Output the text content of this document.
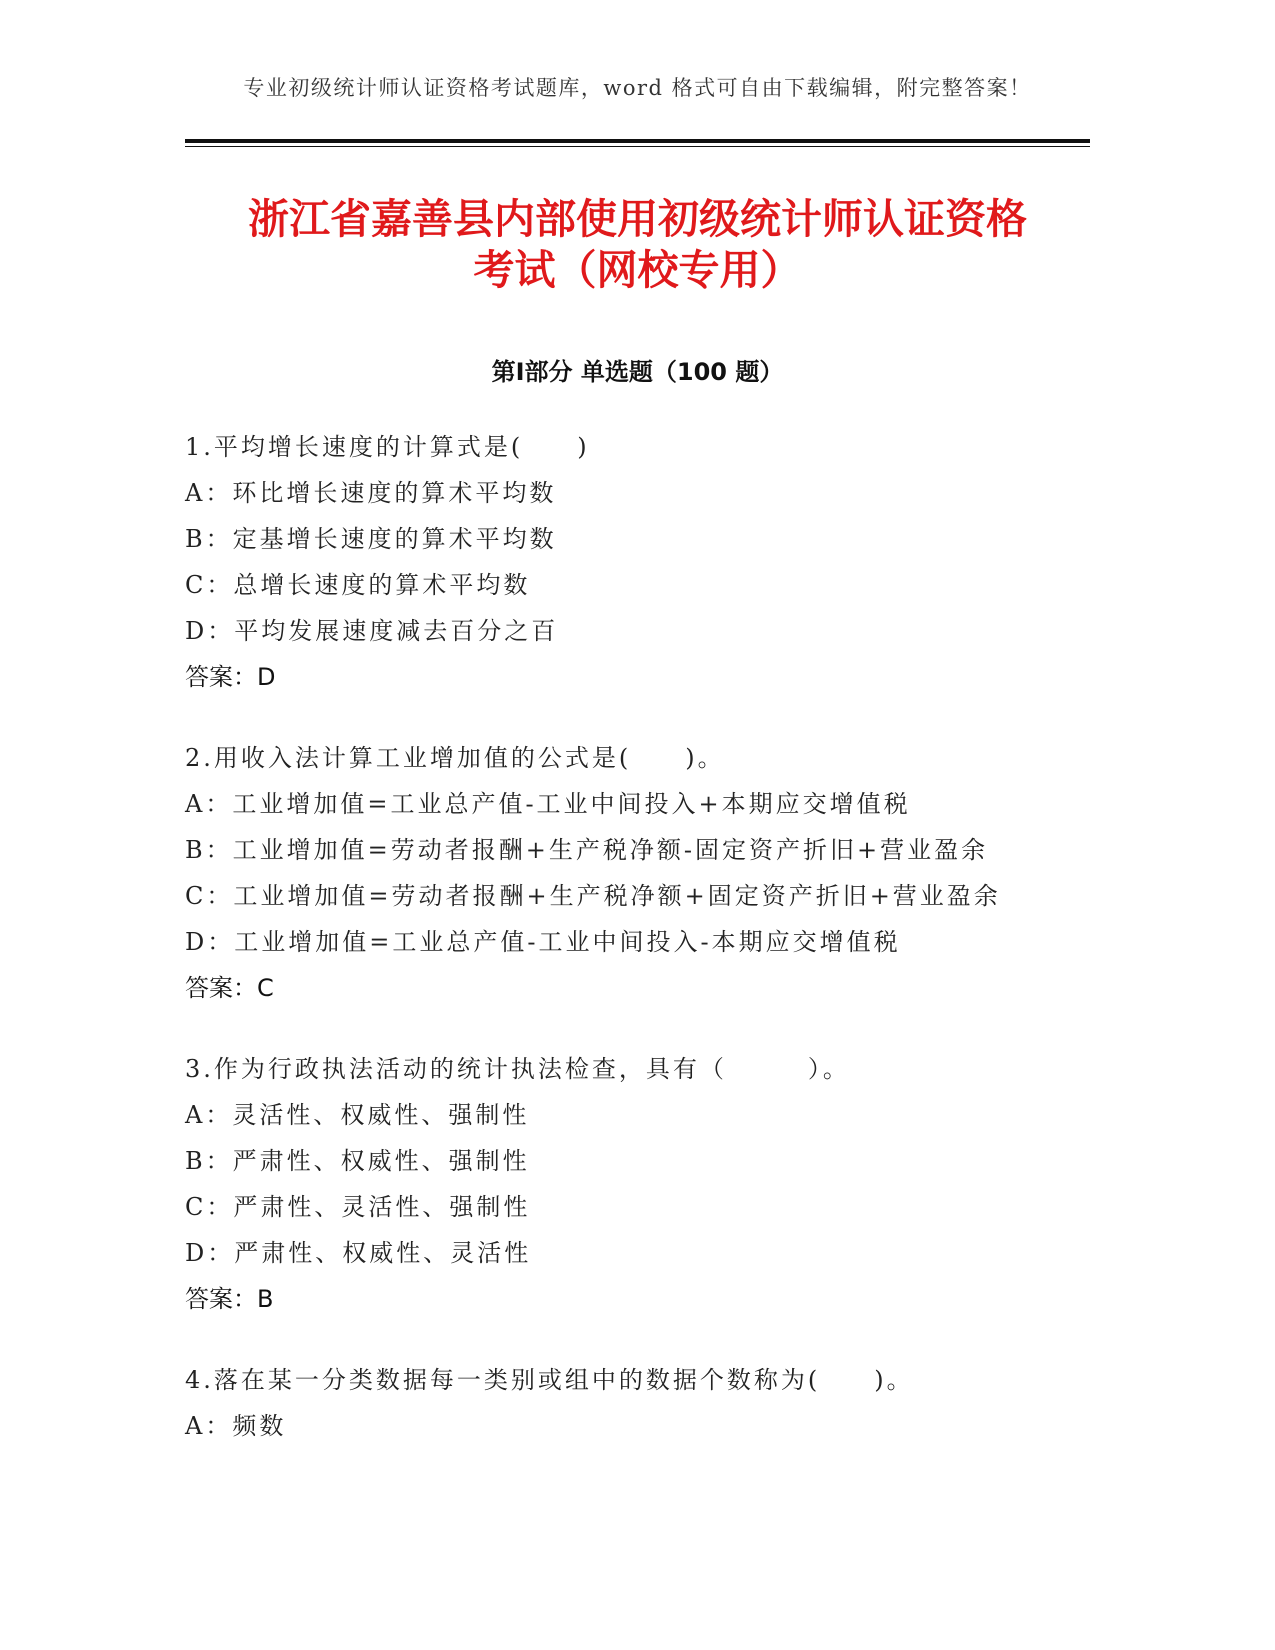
专业初级统计师认证资格考试题库，word 格式可自由下载编辑，附完整答案！
浙江省嘉善县内部使用初级统计师认证资格
考试（网校专用）
第Ⅰ部分 单选题（100 题）
1.平均增长速度的计算式是(　　)
A：环比增长速度的算术平均数
B：定基增长速度的算术平均数
C：总增长速度的算术平均数
D：平均发展速度减去百分之百
答案：D
2.用收入法计算工业增加值的公式是(　　)。
A：工业增加值=工业总产值-工业中间投入+本期应交增值税
B：工业增加值=劳动者报酬+生产税净额-固定资产折旧+营业盈余
C：工业增加值=劳动者报酬+生产税净额+固定资产折旧+营业盈余
D：工业增加值=工业总产值-工业中间投入-本期应交增值税
答案：C
3.作为行政执法活动的统计执法检查，具有（　　　）。
A：灵活性、权威性、强制性
B：严肃性、权威性、强制性
C：严肃性、灵活性、强制性
D：严肃性、权威性、灵活性
答案：B
4.落在某一分类数据每一类别或组中的数据个数称为(　　)。
A：频数
